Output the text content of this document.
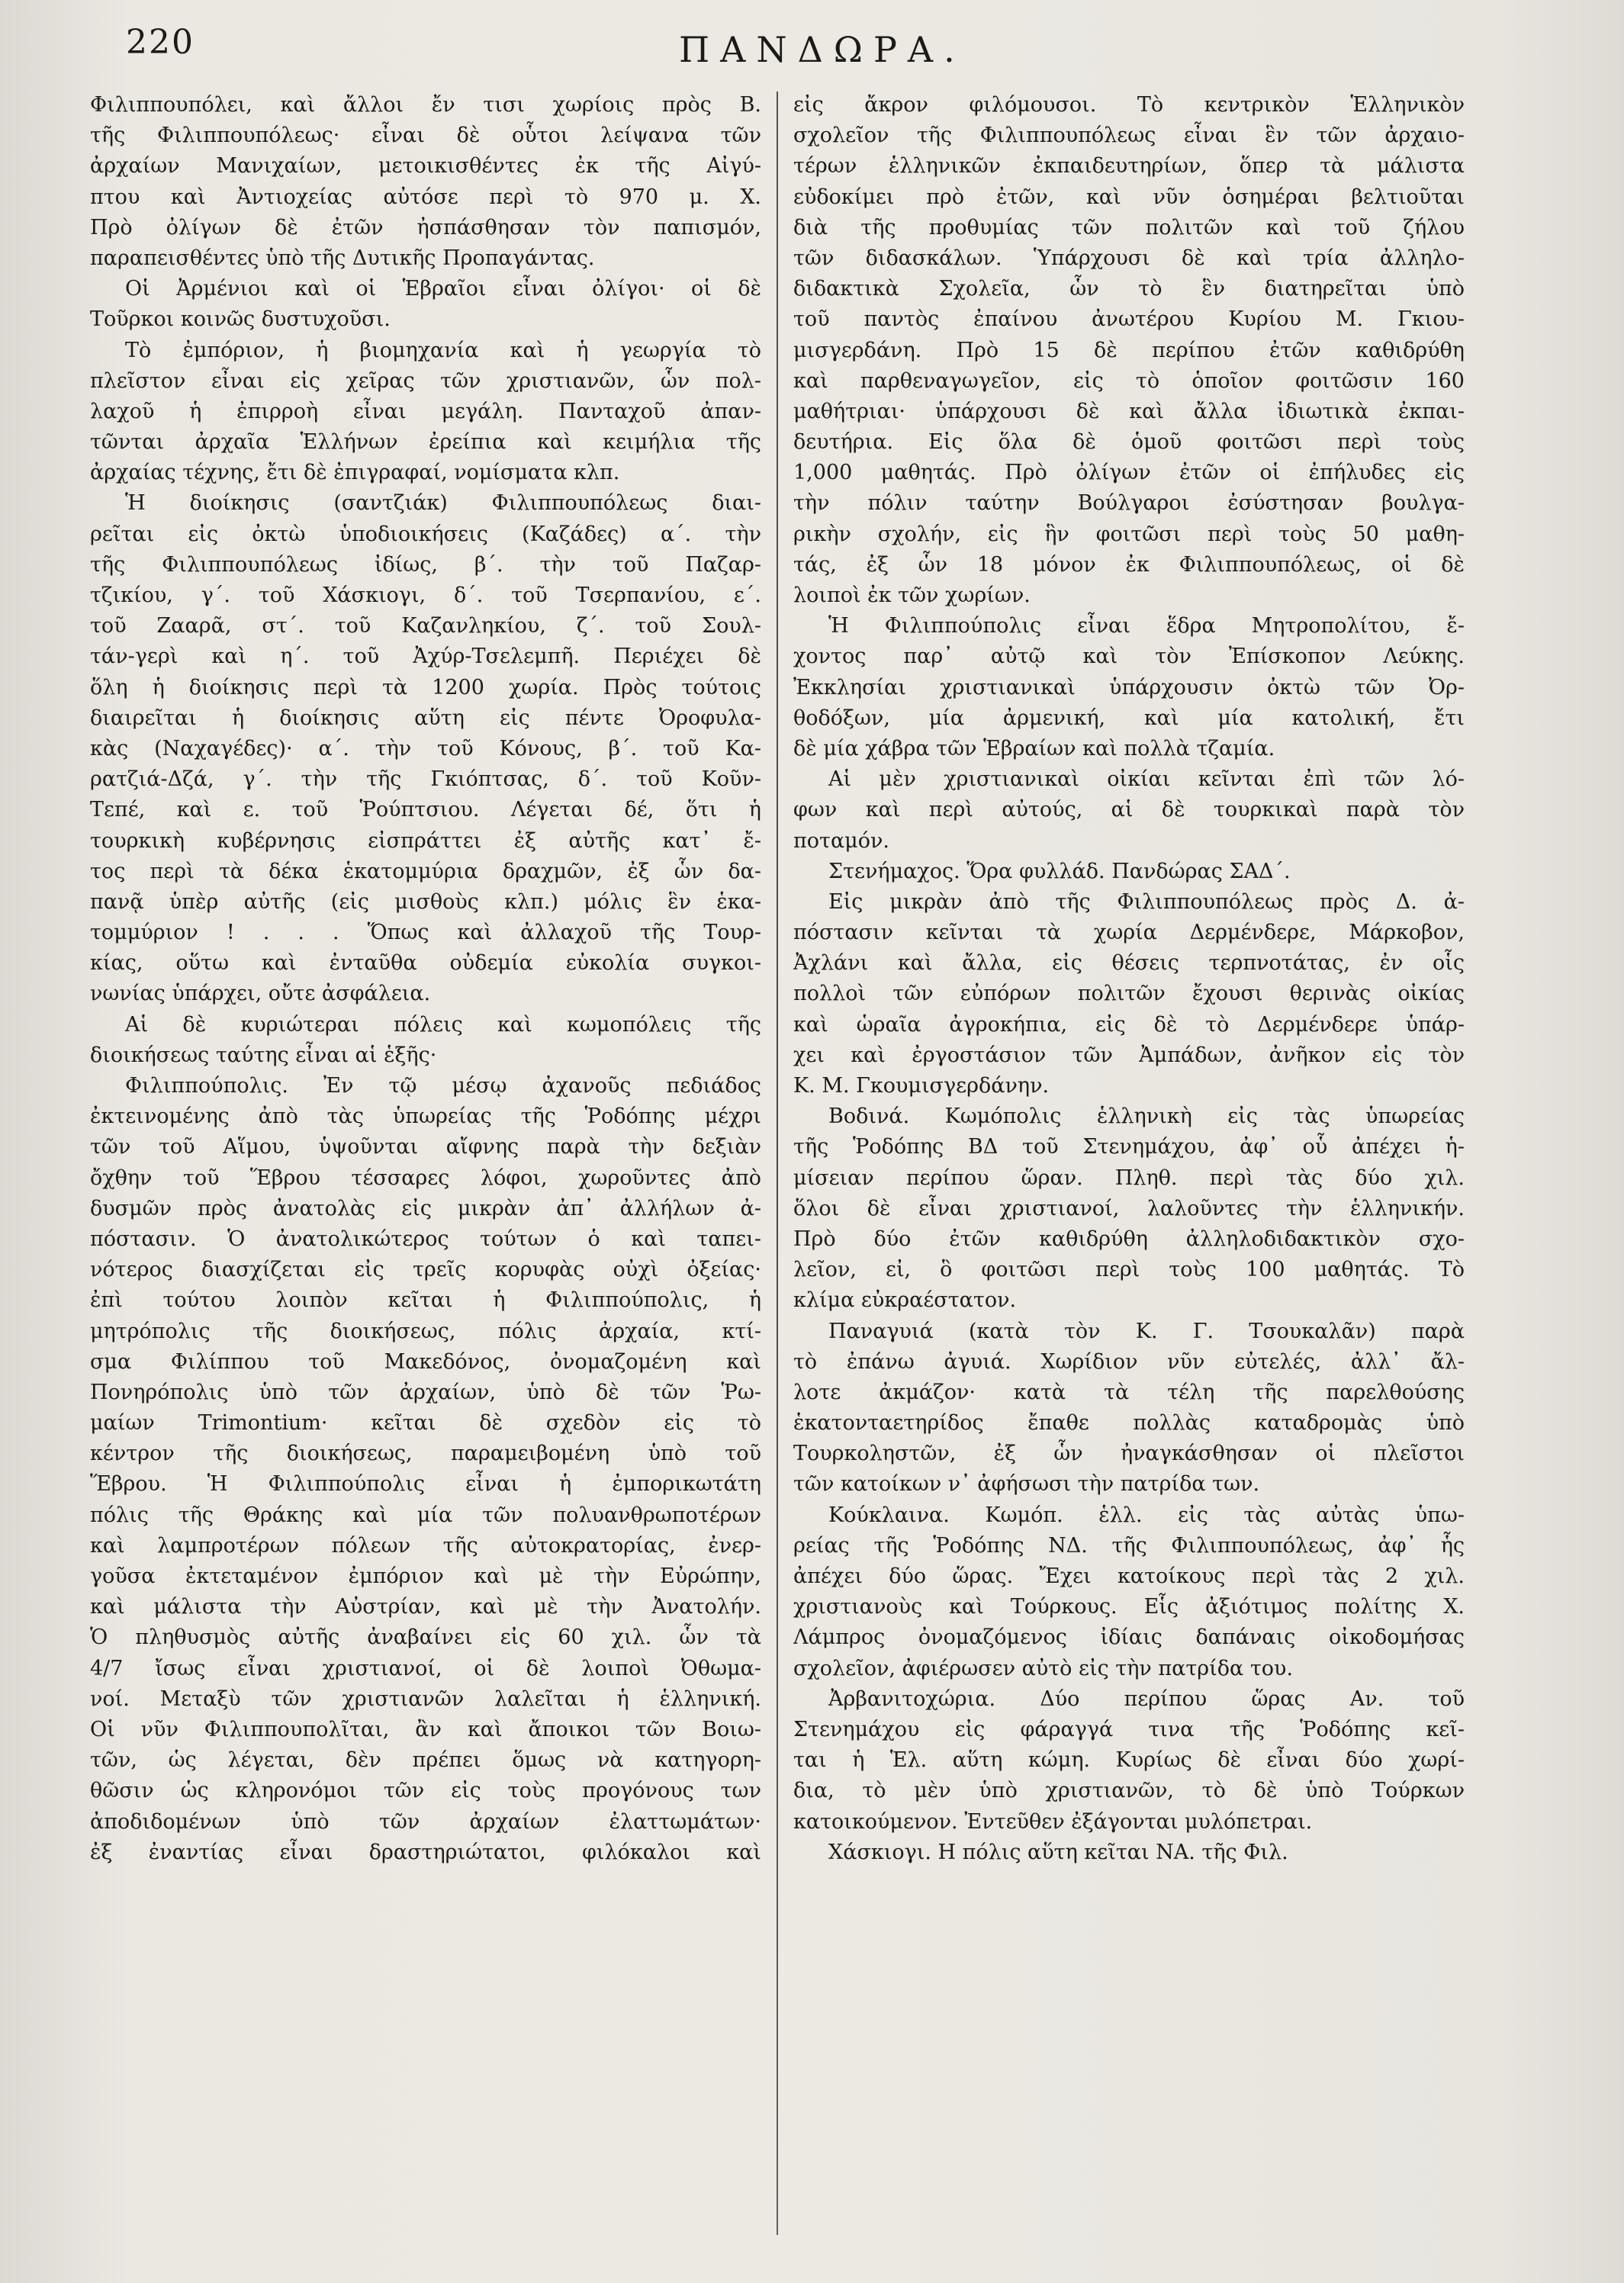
220	ΠΑΝΔΩΡΑ.
Φιλιππουπόλει, καὶ ἄλλοι ἔν τισι χωρίοις πρὸς Β.
τῆς Φιλιππουπόλεως· εἶναι δὲ οὗτοι λείψανα τῶν
ἀρχαίων Μανιχαίων, μετοικισθέντες ἐκ τῆς Αἰγύ-
πτου καὶ Ἀντιοχείας αὐτόσε περὶ τὸ 970 μ. Χ.
Πρὸ ὀλίγων δὲ ἐτῶν ἠσπάσθησαν τὸν παπισμόν,
παραπεισθέντες ὑπὸ τῆς Δυτικῆς Προπαγάντας.
Οἱ Ἀρμένιοι καὶ οἱ Ἑβραῖοι εἶναι ὀλίγοι· οἱ δὲ
Τοῦρκοι κοινῶς δυστυχοῦσι.
Τὸ ἐμπόριον, ἡ βιομηχανία καὶ ἡ γεωργία τὸ
πλεῖστον εἶναι εἰς χεῖρας τῶν χριστιανῶν, ὧν πολ-
λαχοῦ ἡ ἐπιρροὴ εἶναι μεγάλη. Πανταχοῦ ἀπαν-
τῶνται ἀρχαῖα Ἑλλήνων ἐρείπια καὶ κειμήλια τῆς
ἀρχαίας τέχνης, ἔτι δὲ ἐπιγραφαί, νομίσματα κλπ.
Ἡ διοίκησις (σαντζιάκ) Φιλιππουπόλεως διαι-
ρεῖται εἰς ὀκτὼ ὑποδιοικήσεις (Καζάδες) α΄. τὴν
τῆς Φιλιππουπόλεως ἰδίως, β΄. τὴν τοῦ Παζαρ-
τζικίου, γ΄. τοῦ Χάσκιογι, δ΄. τοῦ Τσερπανίου, ε΄.
τοῦ Ζααρᾶ, στ΄. τοῦ Καζανληκίου, ζ΄. τοῦ Σουλ-
τάν-γερὶ καὶ η΄. τοῦ Ἀχύρ-Τσελεμπῆ. Περιέχει δὲ
ὅλη ἡ διοίκησις περὶ τὰ 1200 χωρία. Πρὸς τούτοις
διαιρεῖται ἡ διοίκησις αὕτη εἰς πέντε Ὀροφυλα-
κὰς (Ναχαγέδες)· α΄. τὴν τοῦ Κόνους, β΄. τοῦ Κα-
ρατζιά-Δζά, γ΄. τὴν τῆς Γκιόπτσας, δ΄. τοῦ Κοῦν-
Τεπέ, καὶ ε. τοῦ Ῥούπτσιου. Λέγεται δέ, ὅτι ἡ
τουρκικὴ κυβέρνησις εἰσπράττει ἐξ αὐτῆς κατ᾽ ἔ-
τος περὶ τὰ δέκα ἑκατομμύρια δραχμῶν, ἐξ ὧν δα-
πανᾷ ὑπὲρ αὐτῆς (εἰς μισθοὺς κλπ.) μόλις ἓν ἑκα-
τομμύριον ! . . . Ὅπως καὶ ἀλλαχοῦ τῆς Τουρ-
κίας, οὕτω καὶ ἐνταῦθα οὐδεμία εὐκολία συγκοι-
νωνίας ὑπάρχει, οὔτε ἀσφάλεια.
Αἱ δὲ κυριώτεραι πόλεις καὶ κωμοπόλεις τῆς
διοικήσεως ταύτης εἶναι αἱ ἑξῆς·
Φιλιππούπολις. Ἐν τῷ μέσῳ ἀχανοῦς πεδιάδος
ἐκτεινομένης ἀπὸ τὰς ὑπωρείας τῆς Ῥοδόπης μέχρι
τῶν τοῦ Αἵμου, ὑψοῦνται αἴφνης παρὰ τὴν δεξιὰν
ὄχθην τοῦ Ἕβρου τέσσαρες λόφοι, χωροῦντες ἀπὸ
δυσμῶν πρὸς ἀνατολὰς εἰς μικρὰν ἀπ᾽ ἀλλήλων ἀ-
πόστασιν. Ὁ ἀνατολικώτερος τούτων ὁ καὶ ταπει-
νότερος διασχίζεται εἰς τρεῖς κορυφὰς οὐχὶ ὀξείας·
ἐπὶ τούτου λοιπὸν κεῖται ἡ Φιλιππούπολις, ἡ
μητρόπολις τῆς διοικήσεως, πόλις ἀρχαία, κτί-
σμα Φιλίππου τοῦ Μακεδόνος, ὀνομαζομένη καὶ
Πονηρόπολις ὑπὸ τῶν ἀρχαίων, ὑπὸ δὲ τῶν Ῥω-
μαίων Trimontium· κεῖται δὲ σχεδὸν εἰς τὸ
κέντρον τῆς διοικήσεως, παραμειβομένη ὑπὸ τοῦ
Ἕβρου. Ἡ Φιλιππούπολις εἶναι ἡ ἐμπορικωτάτη
πόλις τῆς Θράκης καὶ μία τῶν πολυανθρωποτέρων
καὶ λαμπροτέρων πόλεων τῆς αὐτοκρατορίας, ἐνερ-
γοῦσα ἐκτεταμένον ἐμπόριον καὶ μὲ τὴν Εὐρώπην,
καὶ μάλιστα τὴν Αὐστρίαν, καὶ μὲ τὴν Ἀνατολήν.
Ὁ πληθυσμὸς αὐτῆς ἀναβαίνει εἰς 60 χιλ. ὧν τὰ
4/7 ἴσως εἶναι χριστιανοί, οἱ δὲ λοιποὶ Ὀθωμα-
νοί. Μεταξὺ τῶν χριστιανῶν λαλεῖται ἡ ἑλληνική.
Οἱ νῦν Φιλιππουπολῖται, ἂν καὶ ἄποικοι τῶν Βοιω-
τῶν, ὡς λέγεται, δὲν πρέπει ὅμως νὰ κατηγορη-
θῶσιν ὡς κληρονόμοι τῶν εἰς τοὺς προγόνους των
ἀποδιδομένων ὑπὸ τῶν ἀρχαίων ἐλαττωμάτων·
ἐξ ἐναντίας εἶναι δραστηριώτατοι, φιλόκαλοι καὶ
εἰς ἄκρον φιλόμουσοι. Τὸ κεντρικὸν Ἑλληνικὸν
σχολεῖον τῆς Φιλιππουπόλεως εἶναι ἓν τῶν ἀρχαιο-
τέρων ἑλληνικῶν ἐκπαιδευτηρίων, ὅπερ τὰ μάλιστα
εὐδοκίμει πρὸ ἐτῶν, καὶ νῦν ὁσημέραι βελτιοῦται
διὰ τῆς προθυμίας τῶν πολιτῶν καὶ τοῦ ζήλου
τῶν διδασκάλων. Ὑπάρχουσι δὲ καὶ τρία ἀλληλο-
διδακτικὰ Σχολεῖα, ὧν τὸ ἓν διατηρεῖται ὑπὸ
τοῦ παντὸς ἐπαίνου ἀνωτέρου Κυρίου Μ. Γκιου-
μισγερδάνη. Πρὸ 15 δὲ περίπου ἐτῶν καθιδρύθη
καὶ παρθεναγωγεῖον, εἰς τὸ ὁποῖον φοιτῶσιν 160
μαθήτριαι· ὑπάρχουσι δὲ καὶ ἄλλα ἰδιωτικὰ ἐκπαι-
δευτήρια. Εἰς ὅλα δὲ ὁμοῦ φοιτῶσι περὶ τοὺς
1,000 μαθητάς. Πρὸ ὀλίγων ἐτῶν οἱ ἐπήλυδες εἰς
τὴν πόλιν ταύτην Βούλγαροι ἐσύστησαν βουλγα-
ρικὴν σχολήν, εἰς ἣν φοιτῶσι περὶ τοὺς 50 μαθη-
τάς, ἐξ ὧν 18 μόνον ἐκ Φιλιππουπόλεως, οἱ δὲ
λοιποὶ ἐκ τῶν χωρίων.
Ἡ Φιλιππούπολις εἶναι ἕδρα Μητροπολίτου, ἔ-
χοντος παρ᾽ αὐτῷ καὶ τὸν Ἐπίσκοπον Λεύκης.
Ἐκκλησίαι χριστιανικαὶ ὑπάρχουσιν ὀκτὼ τῶν Ὀρ-
θοδόξων, μία ἀρμενική, καὶ μία κατολική, ἔτι
δὲ μία χάβρα τῶν Ἑβραίων καὶ πολλὰ τζαμία.
Αἱ μὲν χριστιανικαὶ οἰκίαι κεῖνται ἐπὶ τῶν λό-
φων καὶ περὶ αὐτούς, αἱ δὲ τουρκικαὶ παρὰ τὸν
ποταμόν.
Στενήμαχος. Ὅρα φυλλάδ. Πανδώρας ΣΑΔ΄.
Εἰς μικρὰν ἀπὸ τῆς Φιλιππουπόλεως πρὸς Δ. ἀ-
πόστασιν κεῖνται τὰ χωρία Δερμένδερε, Μάρκοβον,
Ἀχλάνι καὶ ἄλλα, εἰς θέσεις τερπνοτάτας, ἐν οἷς
πολλοὶ τῶν εὐπόρων πολιτῶν ἔχουσι θερινὰς οἰκίας
καὶ ὡραῖα ἀγροκήπια, εἰς δὲ τὸ Δερμένδερε ὑπάρ-
χει καὶ ἐργοστάσιον τῶν Ἀμπάδων, ἀνῆκον εἰς τὸν
Κ. Μ. Γκουμισγερδάνην.
Βοδινά. Κωμόπολις ἑλληνικὴ εἰς τὰς ὑπωρείας
τῆς Ῥοδόπης ΒΔ τοῦ Στενημάχου, ἀφ᾽ οὗ ἀπέχει ἡ-
μίσειαν περίπου ὥραν. Πληθ. περὶ τὰς δύο χιλ.
ὅλοι δὲ εἶναι χριστιανοί, λαλοῦντες τὴν ἑλληνικήν.
Πρὸ δύο ἐτῶν καθιδρύθη ἀλληλοδιδακτικὸν σχο-
λεῖον, εἰ, ὃ φοιτῶσι περὶ τοὺς 100 μαθητάς. Τὸ
κλίμα εὐκραέστατον.
Παναγυιά (κατὰ τὸν Κ. Γ. Τσουκαλᾶν) παρὰ
τὸ ἐπάνω ἀγυιά. Χωρίδιον νῦν εὐτελές, ἀλλ᾽ ἄλ-
λοτε ἀκμάζον· κατὰ τὰ τέλη τῆς παρελθούσης
ἑκατονταετηρίδος ἔπαθε πολλὰς καταδρομὰς ὑπὸ
Τουρκοληστῶν, ἐξ ὧν ἠναγκάσθησαν οἱ πλεῖστοι
τῶν κατοίκων ν᾽ ἀφήσωσι τὴν πατρίδα των.
Κούκλαινα. Κωμόπ. ἑλλ. εἰς τὰς αὐτὰς ὑπω-
ρείας τῆς Ῥοδόπης ΝΔ. τῆς Φιλιππουπόλεως, ἀφ᾽ ἧς
ἀπέχει δύο ὥρας. Ἔχει κατοίκους περὶ τὰς 2 χιλ.
χριστιανοὺς καὶ Τούρκους. Εἷς ἀξιότιμος πολίτης Χ.
Λάμπρος ὀνομαζόμενος ἰδίαις δαπάναις οἰκοδομήσας
σχολεῖον, ἀφιέρωσεν αὐτὸ εἰς τὴν πατρίδα του.
Ἀρβανιτοχώρια. Δύο περίπου ὥρας Αν. τοῦ
Στενημάχου εἰς φάραγγά τινα τῆς Ῥοδόπης κεῖ-
ται ἡ Ἑλ. αὕτη κώμη. Κυρίως δὲ εἶναι δύο χωρί-
δια, τὸ μὲν ὑπὸ χριστιανῶν, τὸ δὲ ὑπὸ Τούρκων
κατοικούμενον. Ἐντεῦθεν ἐξάγονται μυλόπετραι.
Χάσκιογι. Η πόλις αὕτη κεῖται ΝΑ. τῆς Φιλ.
